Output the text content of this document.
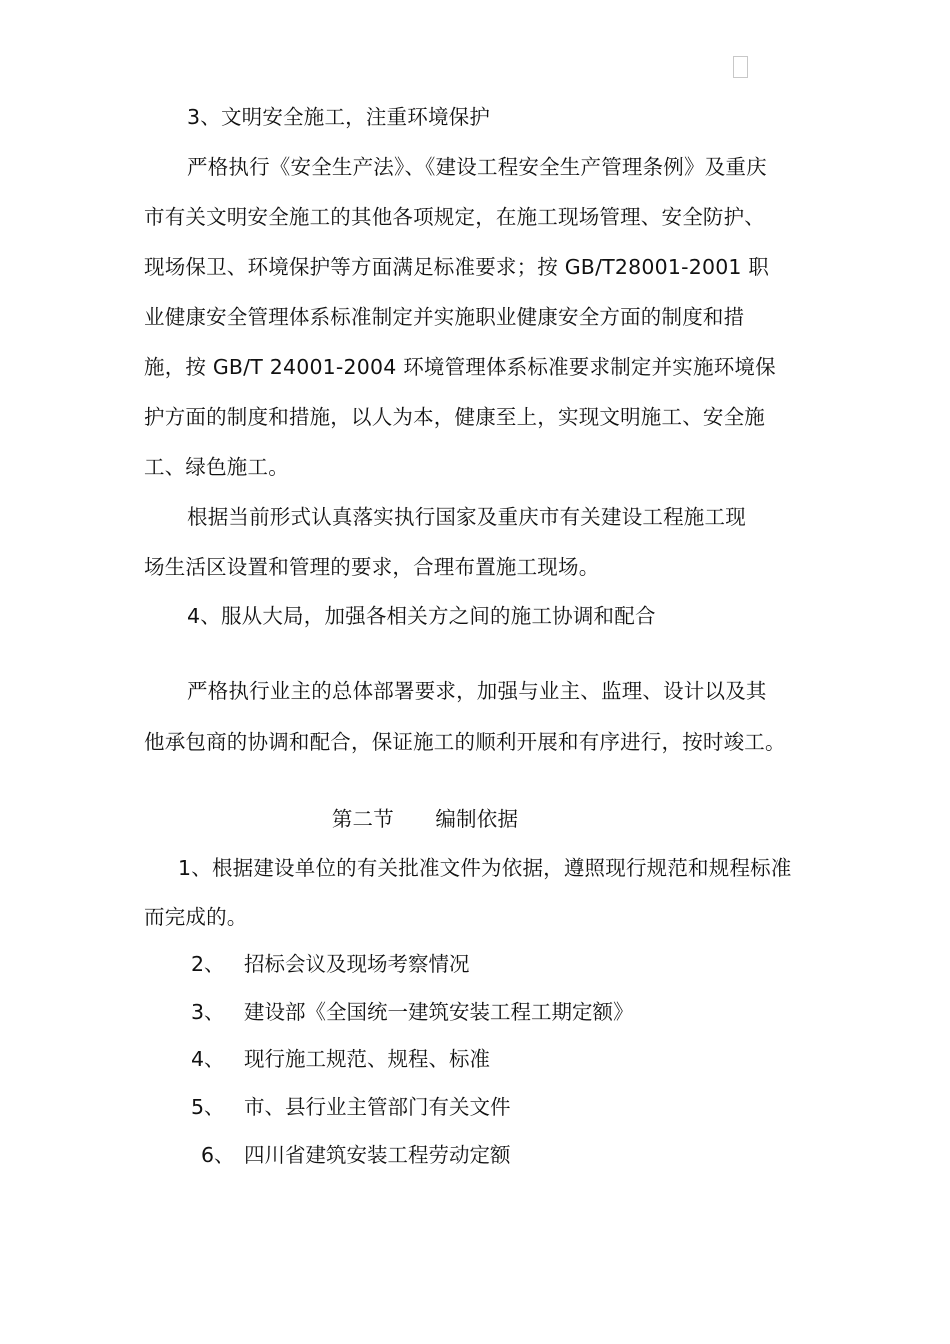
3、文明安全施工，注重环境保护
严格执行《安全生产法》、《建设工程安全生产管理条例》及重庆
市有关文明安全施工的其他各项规定，在施工现场管理、安全防护、
现场保卫、环境保护等方面满足标准要求；按 GB/T28001-2001 职
业健康安全管理体系标准制定并实施职业健康安全方面的制度和措
施，按 GB/T 24001-2004 环境管理体系标准要求制定并实施环境保
护方面的制度和措施，以人为本，健康至上，实现文明施工、安全施
工、绿色施工。
根据当前形式认真落实执行国家及重庆市有关建设工程施工现
场生活区设置和管理的要求，合理布置施工现场。
4、服从大局，加强各相关方之间的施工协调和配合
严格执行业主的总体部署要求，加强与业主、监理、设计以及其
他承包商的协调和配合，保证施工的顺利开展和有序进行，按时竣工。
第二节　　编制依据
1、根据建设单位的有关批准文件为依据，遵照现行规范和规程标准
而完成的。
2、 招标会议及现场考察情况
3、 建设部《全国统一建筑安装工程工期定额》
4、 现行施工规范、规程、标准
5、 市、县行业主管部门有关文件
6、 四川省建筑安装工程劳动定额
